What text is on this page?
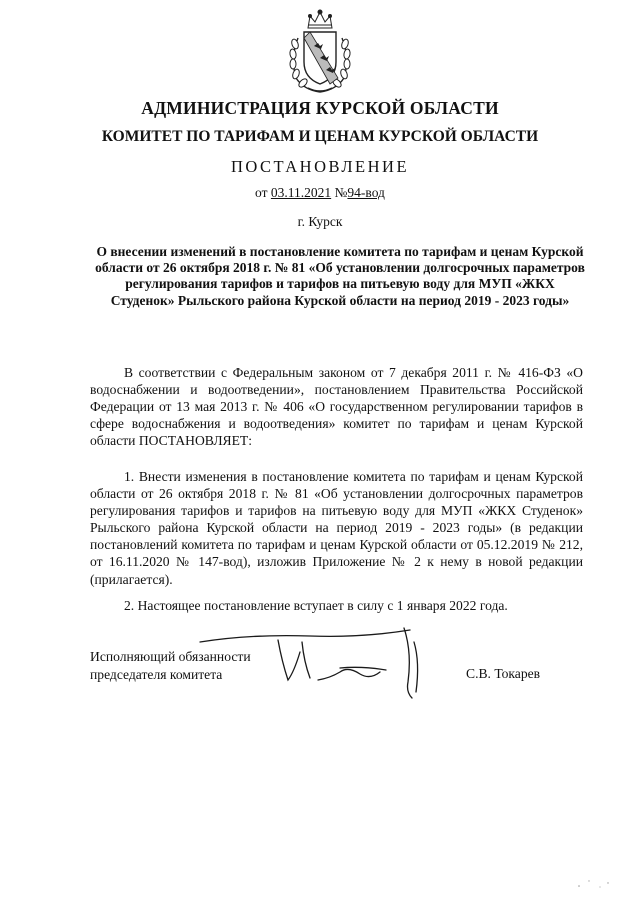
АДМИНИСТРАЦИЯ КУРСКОЙ ОБЛАСТИ
КОМИТЕТ ПО ТАРИФАМ И ЦЕНАМ КУРСКОЙ ОБЛАСТИ
ПОСТАНОВЛЕНИЕ
от 03.11.2021 №94-вод
г. Курск
О внесении изменений в постановление комитета по тарифам и ценам Курской области от 26 октября 2018 г. № 81 «Об установлении долгосрочных параметров регулирования тарифов и тарифов на питьевую воду для МУП «ЖКХ Студенок» Рыльского района Курской области на период 2019 - 2023 годы»
В соответствии с Федеральным законом от 7 декабря 2011 г. № 416-ФЗ «О водоснабжении и водоотведении», постановлением Правительства Российской Федерации от 13 мая 2013 г. № 406 «О государственном регулировании тарифов в сфере водоснабжения и водоотведения» комитет по тарифам и ценам Курской области ПОСТАНОВЛЯЕТ:
1. Внести изменения в постановление комитета по тарифам и ценам Курской области от 26 октября 2018 г. № 81 «Об установлении долгосрочных параметров регулирования тарифов и тарифов на питьевую воду для МУП «ЖКХ Студенок» Рыльского района Курской области на период 2019 - 2023 годы» (в редакции постановлений комитета по тарифам и ценам Курской области от 05.12.2019 № 212, от 16.11.2020 № 147-вод), изложив Приложение № 2 к нему в новой редакции (прилагается).
2. Настоящее постановление вступает в силу с 1 января 2022 года.
Исполняющий обязанности
председателя комитета	С.В. Токарев
